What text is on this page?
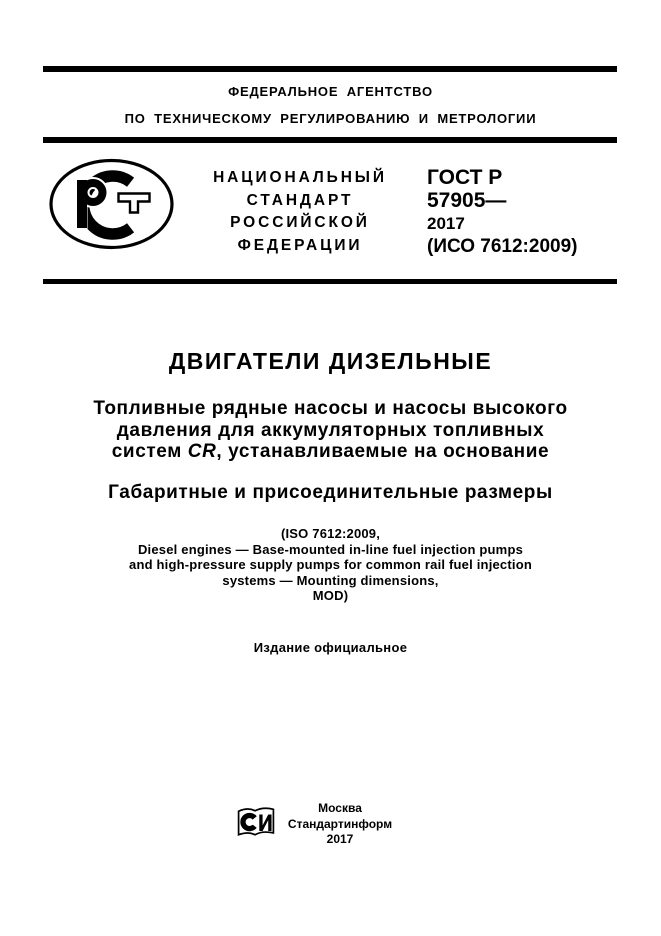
ФЕДЕРАЛЬНОЕ АГЕНТСТВО
ПО ТЕХНИЧЕСКОМУ РЕГУЛИРОВАНИЮ И МЕТРОЛОГИИ
НАЦИОНАЛЬНЫЙ
СТАНДАРТ
РОССИЙСКОЙ
ФЕДЕРАЦИИ
ГОСТ Р
57905—
2017
(ИСО 7612:2009)
ДВИГАТЕЛИ ДИЗЕЛЬНЫЕ
Топливные рядные насосы и насосы высокого
давления для аккумуляторных топливных
систем CR, устанавливаемые на основание
Габаритные и присоединительные размеры
(ISO 7612:2009,
Diesel engines — Base-mounted in-line fuel injection pumps
and high-pressure supply pumps for common rail fuel injection
systems — Mounting dimensions,
MOD)
Издание официальное
Москва
Стандартинформ
2017
